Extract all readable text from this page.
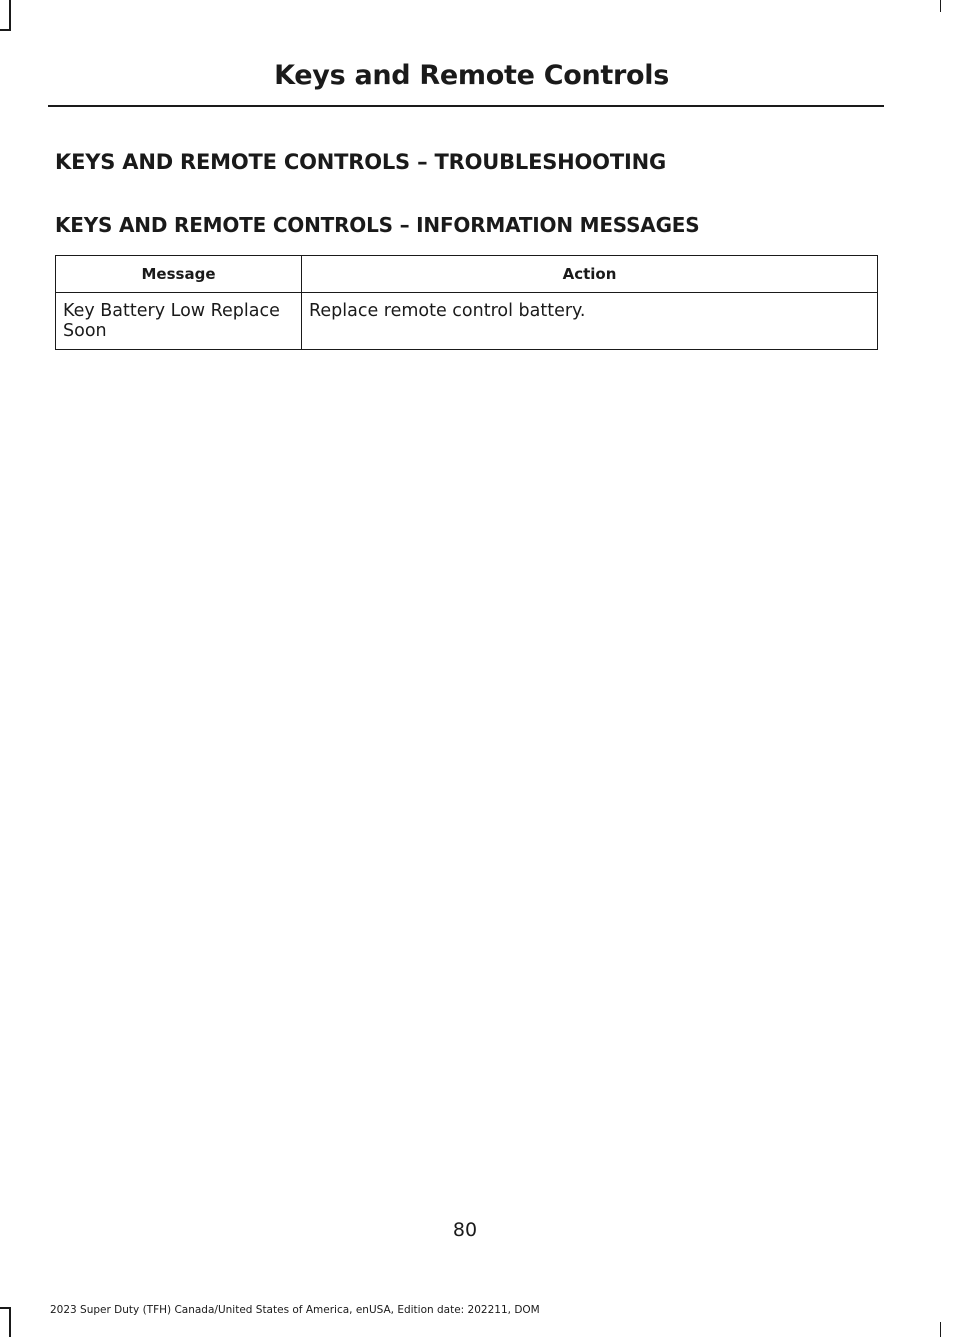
Keys and Remote Controls
KEYS AND REMOTE CONTROLS – TROUBLESHOOTING
KEYS AND REMOTE CONTROLS – INFORMATION MESSAGES
Message	Action
Key Battery Low Replace Soon	Replace remote control battery.
80
2023 Super Duty (TFH) Canada/United States of America, enUSA, Edition date: 202211, DOM
